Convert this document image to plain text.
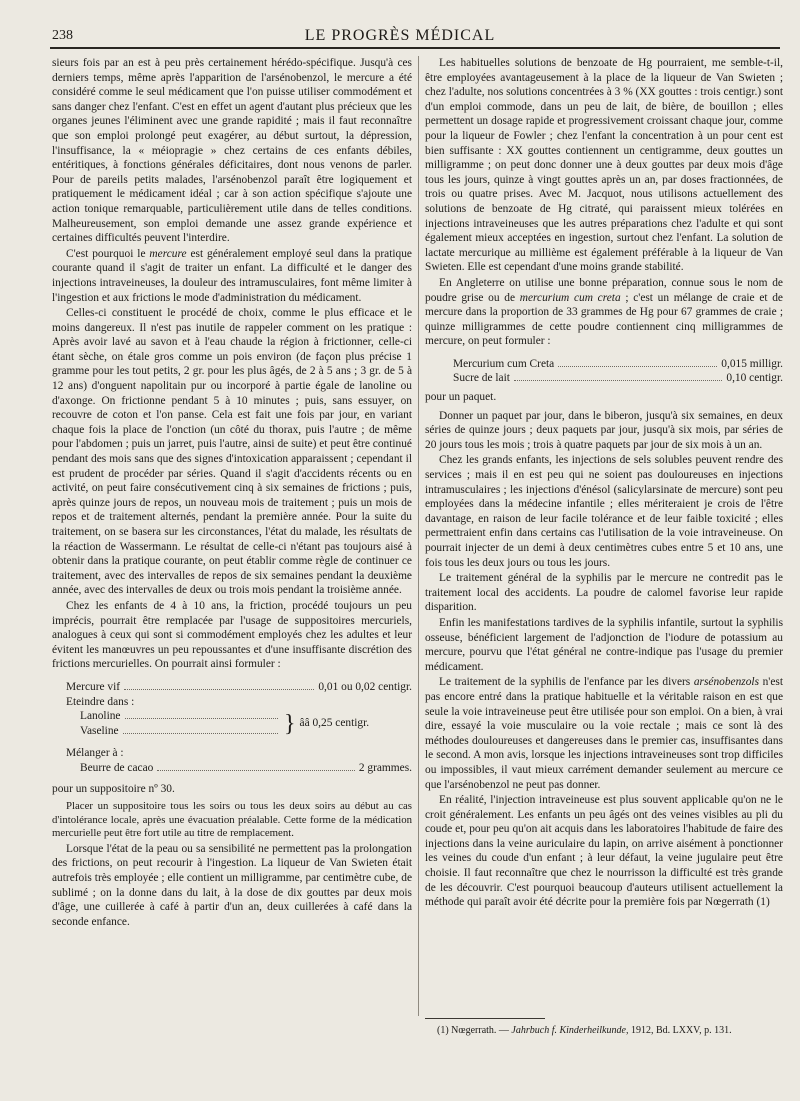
238	LE PROGRÈS MÉDICAL

sieurs fois par an est à peu près certainement hérédo-spécifique. Jusqu'à ces derniers temps, même après l'apparition de l'arsénobenzol, le mercure a été considéré comme le seul médicament que l'on puisse utiliser commodément et sans danger chez l'enfant. C'est en effet un agent d'autant plus précieux que les organes jeunes l'éliminent avec une grande rapidité ; mais il faut reconnaître que son emploi prolongé peut exagérer, au début surtout, la dépression, l'insuffisance, la « méiopragie » chez certains de ces enfants débiles, entéritiques, à fonctions générales déficitaires, dont nous venons de parler. Pour de pareils petits malades, l'arsénobenzol paraît être logiquement et pratiquement le médicament idéal ; car à son action spécifique s'ajoute une action tonique remarquable, particulièrement utile dans de telles conditions. Malheureusement, son emploi demande une assez grande expérience et certaines difficultés peuvent l'interdire.

C'est pourquoi le mercure est généralement employé seul dans la pratique courante quand il s'agit de traiter un enfant. La difficulté et le danger des injections intraveineuses, la douleur des intramusculaires, font même limiter à l'ingestion et aux frictions le mode d'administration du médicament.

Celles-ci constituent le procédé de choix, comme le plus efficace et le moins dangereux. Il n'est pas inutile de rappeler comment on les pratique : Après avoir lavé au savon et à l'eau chaude la région à frictionner, celle-ci étant sèche, on étale gros comme un pois environ (de façon plus précise 1 gramme pour les tout petits, 2 gr. pour les plus âgés, de 2 à 5 ans ; 3 gr. de 5 à 12 ans) d'onguent napolitain pur ou incorporé à partie égale de lanoline ou d'axonge. On frictionne pendant 5 à 10 minutes ; puis, sans essuyer, on recouvre de coton et l'on panse. Cela est fait une fois par jour, en variant chaque fois la place de l'onction (un côté du thorax, puis l'autre ; de même pour l'abdomen ; puis un jarret, puis l'autre, ainsi de suite) et peut être continué pendant des mois sans que des signes d'intoxication apparaissent ; cependant il est prudent de procéder par séries. Quand il s'agit d'accidents récents ou en activité, on peut faire consécutivement cinq à six semaines de frictions ; puis, après quinze jours de repos, un nouveau mois de traitement ; puis un mois de repos et de traitement alternés, pendant la première année. Pour la suite du traitement, on se basera sur les circonstances, l'état du malade, les résultats de la réaction de Wassermann. Le résultat de celle-ci n'étant pas toujours aisé à obtenir dans la pratique courante, on peut établir comme règle de continuer ce traitement, avec des intervalles de repos de six semaines pendant la deuxième année, avec des intervalles de deux ou trois mois pendant la troisième année.

Chez les enfants de 4 à 10 ans, la friction, procédé toujours un peu imprécis, pourrait être remplacée par l'usage de suppositoires mercuriels, analogues à ceux qui sont si commodément employés chez les adultes et leur évitent les manœuvres un peu repoussantes et d'une insuffisante discrétion des frictions mercurielles. On pourrait ainsi formuler :

Mercure vif	0,01 ou 0,02 centigr.
Eteindre dans :
Lanoline
Vaseline	} ââ 0,25 centigr.
Mélanger à :
Beurre de cacao	2 grammes.
pour un suppositoire nº 30.

Placer un suppositoire tous les soirs ou tous les deux soirs au début au cas d'intolérance locale, après une évacuation préalable. Cette forme de la médication mercurielle peut être fort utile au titre de remplacement.

Lorsque l'état de la peau ou sa sensibilité ne permettent pas la prolongation des frictions, on peut recourir à l'ingestion. La liqueur de Van Swieten était autrefois très employée ; elle contient un milligramme, par centimètre cube, de sublimé ; on la donne dans du lait, à la dose de dix gouttes par deux mois d'âge, une cuillerée à café à partir d'un an, deux cuillerées à café dans la seconde enfance.

Les habituelles solutions de benzoate de Hg pourraient, me semble-t-il, être employées avantageusement à la place de la liqueur de Van Swieten ; chez l'adulte, nos solutions concentrées à 3 % (XX gouttes : trois centigr.) sont d'un emploi commode, dans un peu de lait, de bière, de bouillon ; elles permettent un dosage rapide et progressivement croissant chaque jour, comme pour la liqueur de Fowler ; chez l'enfant la concentration à un pour cent est bien suffisante : XX gouttes contiennent un centigramme, deux gouttes un milligramme ; on peut donc donner une à deux gouttes par deux mois d'âge tous les jours, quinze à vingt gouttes après un an, par doses fractionnées, de trois ou quatre prises. Avec M. Jacquot, nous utilisons actuellement des solutions de benzoate de Hg citraté, qui paraissent mieux tolérées en injections intraveineuses que les autres préparations chez l'adulte et qui sont également mieux acceptées en ingestion, surtout chez l'enfant. La solution de lactate mercurique au millième est également préférable à la liqueur de Van Swieten. Elle est cependant d'une moins grande stabilité.

En Angleterre on utilise une bonne préparation, connue sous le nom de poudre grise ou de mercurium cum creta ; c'est un mélange de craie et de mercure dans la proportion de 33 grammes de Hg pour 67 grammes de craie ; quinze milligrammes de cette poudre contiennent cinq milligrammes de mercure, on peut formuler :

Mercurium cum Creta	0,015 milligr.
Sucre de lait	0,10 centigr.
pour un paquet.

Donner un paquet par jour, dans le biberon, jusqu'à six semaines, en deux séries de quinze jours ; deux paquets par jour, jusqu'à six mois, par séries de 20 jours tous les mois ; trois à quatre paquets par jour de six mois à un an.

Chez les grands enfants, les injections de sels solubles peuvent rendre des services ; mais il en est peu qui ne soient pas douloureuses en injections intramusculaires ; les injections d'énésol (salicylarsinate de mercure) sont peu employées dans la médecine infantile ; elles mériteraient je crois de l'être davantage, en raison de leur facile tolérance et de leur faible toxicité ; elles permettraient enfin dans certains cas l'utilisation de la voie intraveineuse. On pourrait injecter de un demi à deux centimètres cubes entre 5 et 10 ans, une fois tous les deux jours ou tous les jours.

Le traitement général de la syphilis par le mercure ne contredit pas le traitement local des accidents. La poudre de calomel favorise leur rapide disparition.

Enfin les manifestations tardives de la syphilis infantile, surtout la syphilis osseuse, bénéficient largement de l'adjonction de l'iodure de potassium au mercure, pourvu que l'état général ne contre-indique pas l'usage du premier médicament.

Le traitement de la syphilis de l'enfance par les divers arsénobenzols n'est pas encore entré dans la pratique habituelle et la véritable raison en est que seule la voie intraveineuse peut être utilisée pour son emploi. On a bien, à vrai dire, essayé la voie musculaire ou la voie rectale ; mais ce sont là des méthodes douloureuses et dangereuses dans le premier cas, insuffisantes dans le second. A mon avis, lorsque les injections intraveineuses sont trop difficiles ou impossibles, il vaut mieux carrément demander seulement au mercure ce que l'arsénobenzol ne peut pas donner.

En réalité, l'injection intraveineuse est plus souvent applicable qu'on ne le croit généralement. Les enfants un peu âgés ont des veines visibles au pli du coude et, pour peu qu'on ait acquis dans les laboratoires l'habitude de faire des injections dans la veine auriculaire du lapin, on arrive aisément à ponctionner les veines du coude d'un enfant ; à leur défaut, la veine jugulaire peut être choisie. Il faut reconnaître que chez le nourrisson la difficulté est très grande de les découvrir. C'est pourquoi beaucoup d'auteurs utilisent actuellement la méthode qui paraît avoir été décrite pour la première fois par Nœgerrath (1)

(1) Nœgerrath. — Jahrbuch f. Kinderheilkunde, 1912, Bd. LXXV, p. 131.
